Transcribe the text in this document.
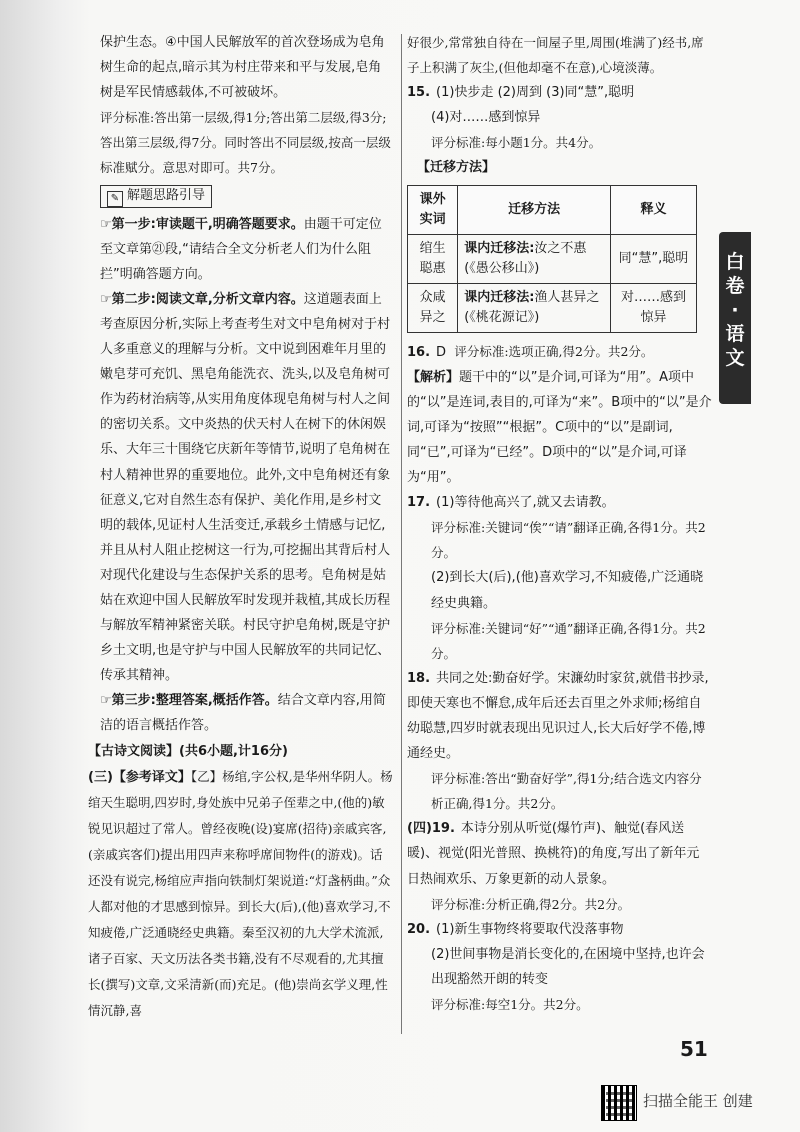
保护生态。④中国人民解放军的首次登场成为皂角树生命的起点,暗示其为村庄带来和平与发展,皂角树是军民情感载体,不可被破坏。

评分标准:答出第一层级,得1分;答出第二层级,得3分;答出第三层级,得7分。同时答出不同层级,按高一层级标准赋分。意思对即可。共7分。

✎ 解题思路引导

☞第一步:审读题干,明确答题要求。由题干可定位至文章第㉑段,“请结合全文分析老人们为什么阻拦”明确答题方向。

☞第二步:阅读文章,分析文章内容。这道题表面上考查原因分析,实际上考查考生对文中皂角树对于村人多重意义的理解与分析。文中说到困难年月里的嫩皂芽可充饥、黑皂角能洗衣、洗头,以及皂角树可作为药材治病等,从实用角度体现皂角树与村人之间的密切关系。文中炎热的伏天村人在树下的休闲娱乐、大年三十围绕它庆新年等情节,说明了皂角树在村人精神世界的重要地位。此外,文中皂角树还有象征意义,它对自然生态有保护、美化作用,是乡村文明的载体,见证村人生活变迁,承载乡土情感与记忆,并且从村人阻止挖树这一行为,可挖掘出其背后村人对现代化建设与生态保护关系的思考。皂角树是姑姑在欢迎中国人民解放军时发现并栽植,其成长历程与解放军精神紧密关联。村民守护皂角树,既是守护乡土文明,也是守护与中国人民解放军的共同记忆、传承其精神。

☞第三步:整理答案,概括作答。结合文章内容,用简洁的语言概括作答。

【古诗文阅读】(共6小题,计16分)

(三)【参考译文】【乙】杨绾,字公权,是华州华阴人。杨绾天生聪明,四岁时,身处族中兄弟子侄辈之中,(他的)敏锐见识超过了常人。曾经夜晚(设)宴席(招待)亲戚宾客,(亲戚宾客们)提出用四声来称呼席间物件(的游戏)。话还没有说完,杨绾应声指向铁制灯架说道:“灯盏柄曲。”众人都对他的才思感到惊异。到长大(后),(他)喜欢学习,不知疲倦,广泛通晓经史典籍。秦至汉初的九大学术流派,诸子百家、天文历法各类书籍,没有不尽观看的,尤其擅长(撰写)文章,文采清新(而)充足。(他)崇尚玄学义理,性情沉静,喜

好很少,常常独自待在一间屋子里,周围(堆满了)经书,席子上积满了灰尘,(但他却毫不在意),心境淡薄。

15. (1)快步走 (2)周到 (3)同“慧”,聪明

(4)对……感到惊异

评分标准:每小题1分。共4分。

【迁移方法】

课外实词	迁移方法	释义
绾生聪惠	课内迁移法:汝之不惠(《愚公移山》)	同“慧”,聪明
众咸异之	课内迁移法:渔人甚异之(《桃花源记》)	对……感到惊异

16. D 评分标准:选项正确,得2分。共2分。

【解析】题干中的“以”是介词,可译为“用”。A项中的“以”是连词,表目的,可译为“来”。B项中的“以”是介词,可译为“按照”“根据”。C项中的“以”是副词,同“已”,可译为“已经”。D项中的“以”是介词,可译为“用”。

17. (1)等待他高兴了,就又去请教。

评分标准:关键词“俟”“请”翻译正确,各得1分。共2分。

(2)到长大(后),(他)喜欢学习,不知疲倦,广泛通晓经史典籍。

评分标准:关键词“好”“通”翻译正确,各得1分。共2分。

18. 共同之处:勤奋好学。宋濂幼时家贫,就借书抄录,即使天寒也不懈怠,成年后还去百里之外求师;杨绾自幼聪慧,四岁时就表现出见识过人,长大后好学不倦,博通经史。

评分标准:答出“勤奋好学”,得1分;结合选文内容分析正确,得1分。共2分。

(四)19. 本诗分别从听觉(爆竹声)、触觉(春风送暖)、视觉(阳光普照、换桃符)的角度,写出了新年元日热闹欢乐、万象更新的动人景象。

评分标准:分析正确,得2分。共2分。

20. (1)新生事物终将要取代没落事物

(2)世间事物是消长变化的,在困境中坚持,也许会出现豁然开朗的转变

评分标准:每空1分。共2分。

白
卷
·
语
文
51
扫描全能王 创建
